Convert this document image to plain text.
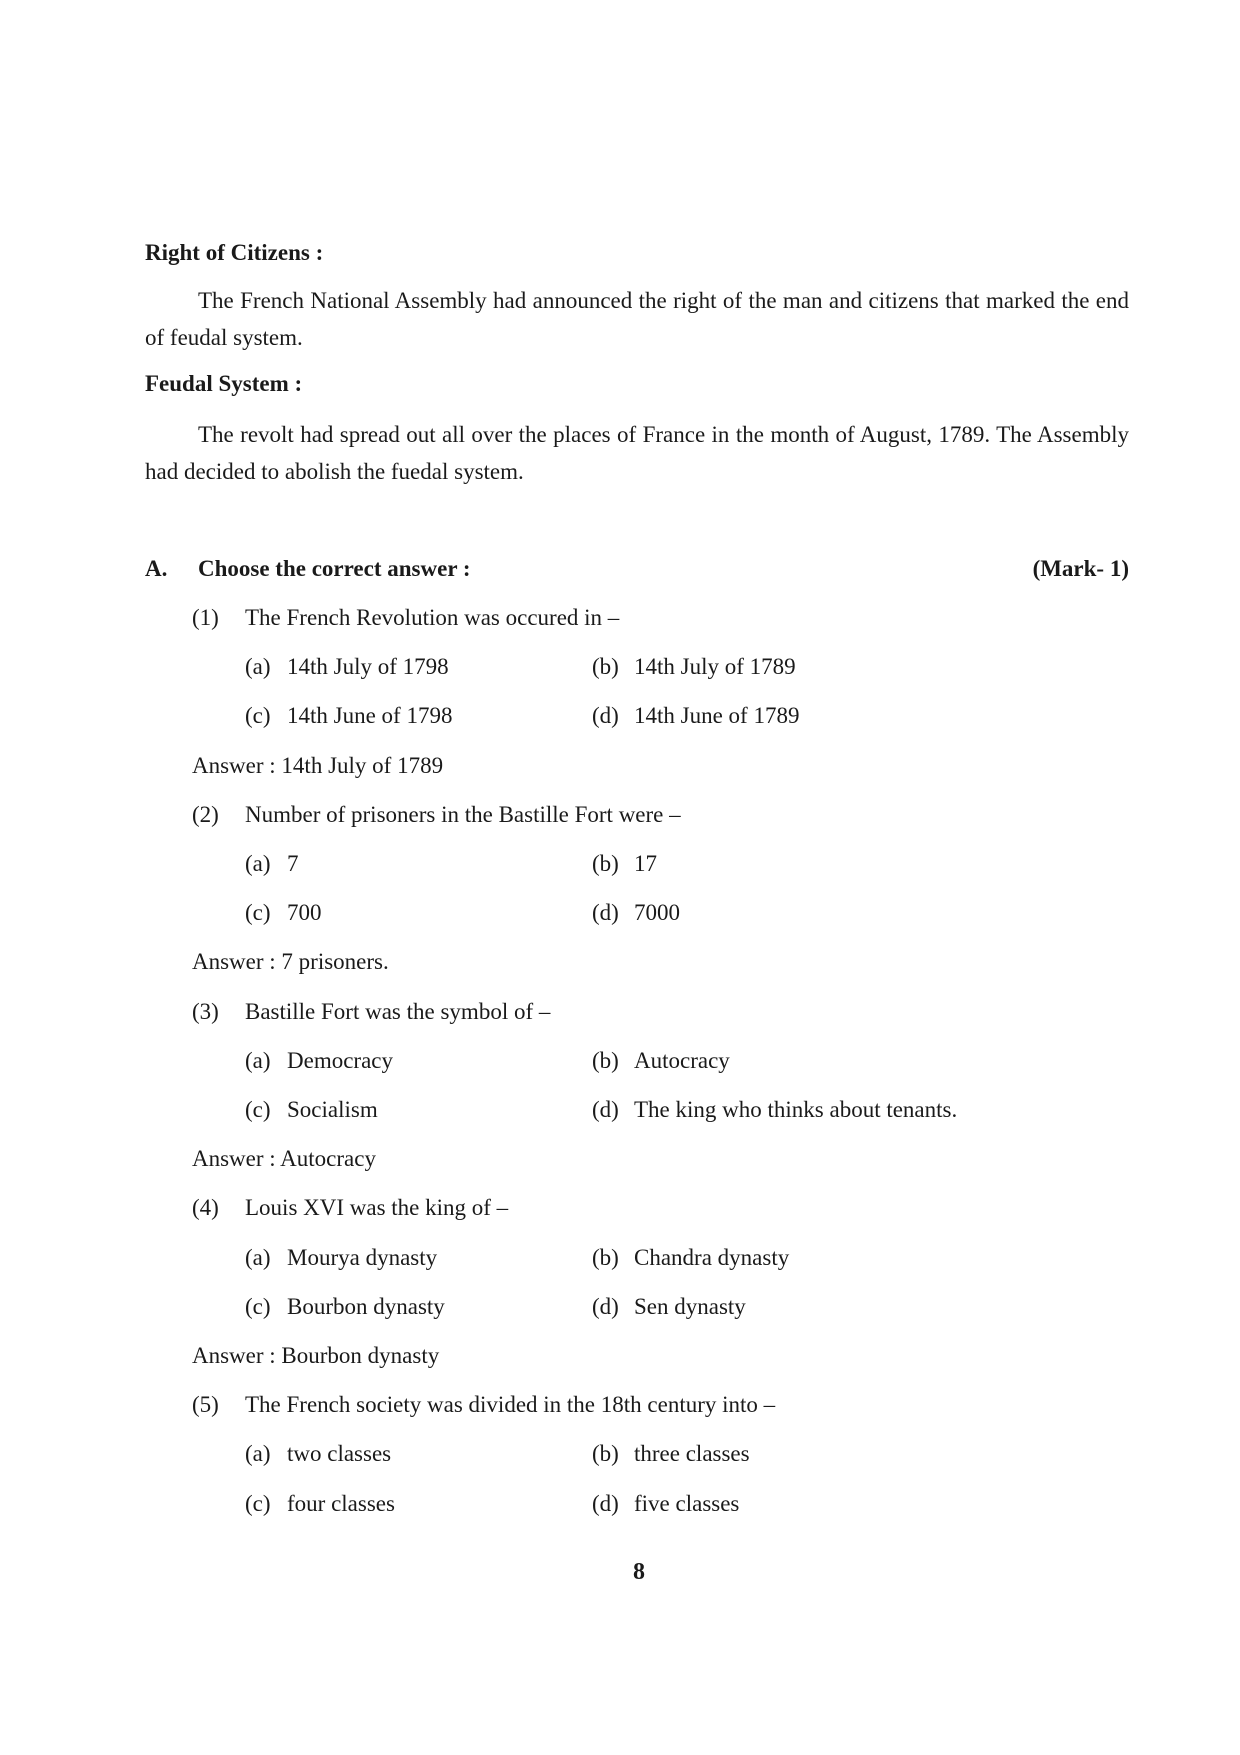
Right of Citizens :

The French National Assembly had announced the right of the man and citizens that marked the end of feudal system.

Feudal System :

The revolt had spread out all over the places of France in the month of August, 1789. The Assembly had decided to abolish the fuedal system.

A. Choose the correct answer :	(Mark- 1)
(1) The French Revolution was occured in –
(a) 14th July of 1798	(b) 14th July of 1789
(c) 14th June of 1798	(d) 14th June of 1789
Answer : 14th July of 1789
(2) Number of prisoners in the Bastille Fort were –
(a) 7	(b) 17
(c) 700	(d) 7000
Answer : 7 prisoners.
(3) Bastille Fort was the symbol of –
(a) Democracy	(b) Autocracy
(c) Socialism	(d) The king who thinks about tenants.
Answer : Autocracy
(4) Louis XVI was the king of –
(a) Mourya dynasty	(b) Chandra dynasty
(c) Bourbon dynasty	(d) Sen dynasty
Answer : Bourbon dynasty
(5) The French society was divided in the 18th century into –
(a) two classes	(b) three classes
(c) four classes	(d) five classes
8
